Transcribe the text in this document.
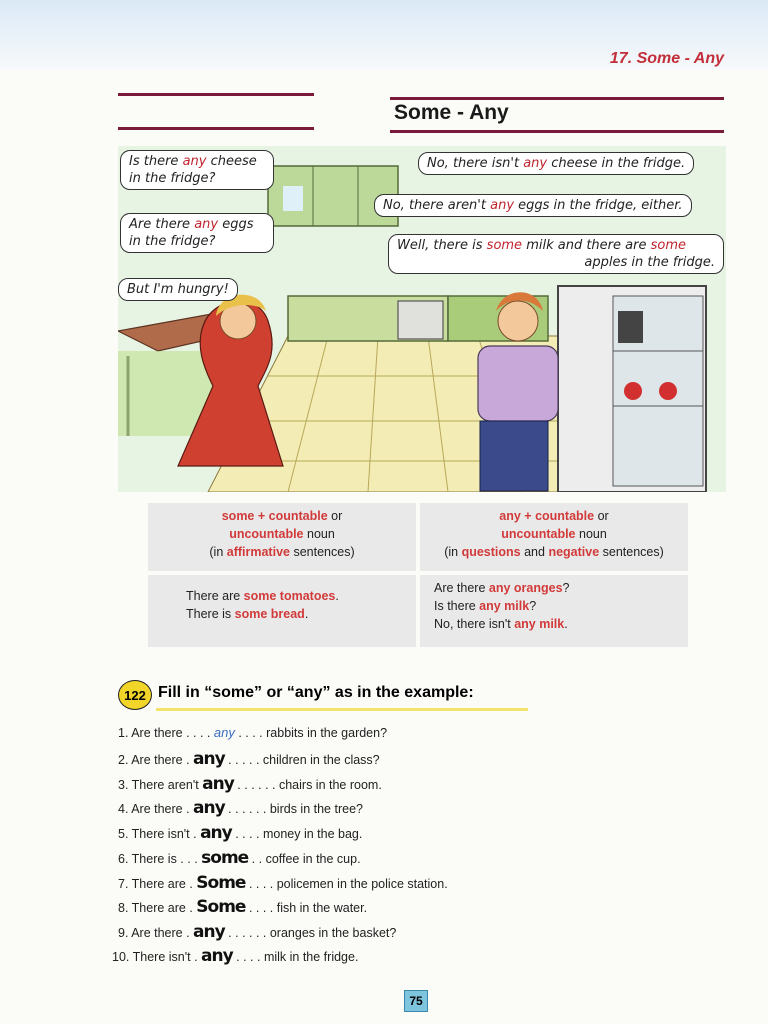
17. Some - Any
Some - Any
Is there any cheese in the fridge?
Are there any eggs in the fridge?
But I'm hungry!
No, there isn't any cheese in the fridge.
No, there aren't any eggs in the fridge, either.
Well, there is some milk and there are some

apples in the fridge.
some + countable or
uncountable noun
(in affirmative sentences)
any + countable or
uncountable noun
(in questions and negative sentences)
There are some tomatoes.
There is some bread.
Are there any oranges?
Is there any milk?
No, there isn't any milk.
122 Fill in “some” or “any” as in the example:
1. Are there . . . . any . . . . rabbits in the garden?
2. Are there . any . . . . . children in the class?
3. There aren't any . . . . . . chairs in the room.
4. Are there . any . . . . . . birds in the tree?
5. There isn't . any . . . . money in the bag.
6. There is . . . some . . coffee in the cup.
7. There are . Some . . . . policemen in the police station.
8. There are . Some . . . . fish in the water.
9. Are there . any . . . . . . oranges in the basket?
10. There isn't . any . . . . milk in the fridge.
75
